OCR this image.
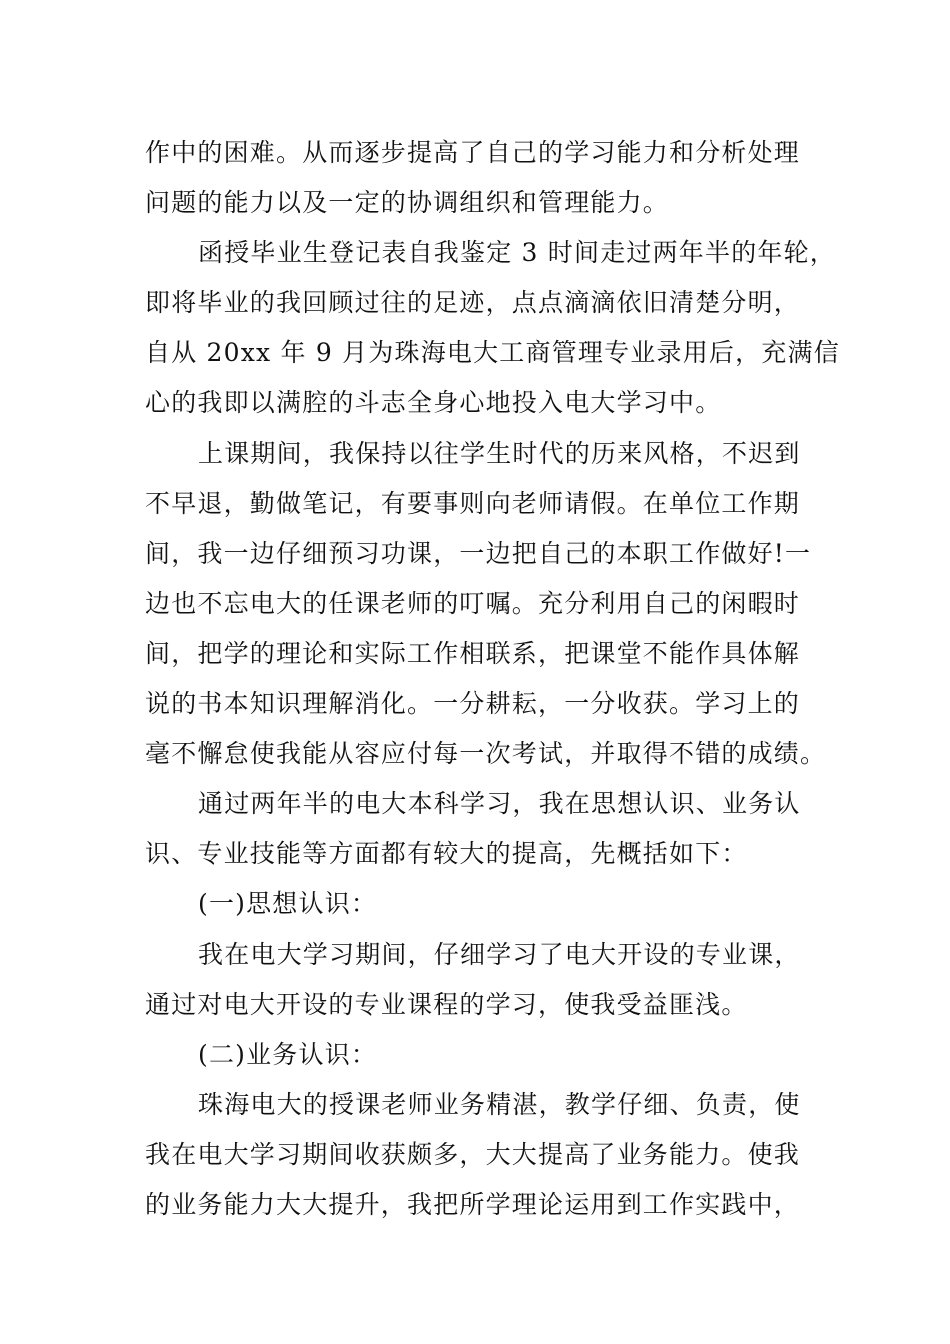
作中的困难。从而逐步提高了自己的学习能力和分析处理
问题的能力以及一定的协调组织和管理能力。
函授毕业生登记表自我鉴定 3 时间走过两年半的年轮，
即将毕业的我回顾过往的足迹，点点滴滴依旧清楚分明，
自从 20xx 年 9 月为珠海电大工商管理专业录用后，充满信
心的我即以满腔的斗志全身心地投入电大学习中。
上课期间，我保持以往学生时代的历来风格，不迟到
不早退，勤做笔记，有要事则向老师请假。在单位工作期
间，我一边仔细预习功课，一边把自己的本职工作做好!一
边也不忘电大的任课老师的叮嘱。充分利用自己的闲暇时
间，把学的理论和实际工作相联系，把课堂不能作具体解
说的书本知识理解消化。一分耕耘，一分收获。学习上的
毫不懈怠使我能从容应付每一次考试，并取得不错的成绩。
通过两年半的电大本科学习，我在思想认识、业务认
识、专业技能等方面都有较大的提高，先概括如下：
(一)思想认识：
我在电大学习期间，仔细学习了电大开设的专业课，
通过对电大开设的专业课程的学习，使我受益匪浅。
(二)业务认识：
珠海电大的授课老师业务精湛，教学仔细、负责，使
我在电大学习期间收获颇多，大大提高了业务能力。使我
的业务能力大大提升，我把所学理论运用到工作实践中，
